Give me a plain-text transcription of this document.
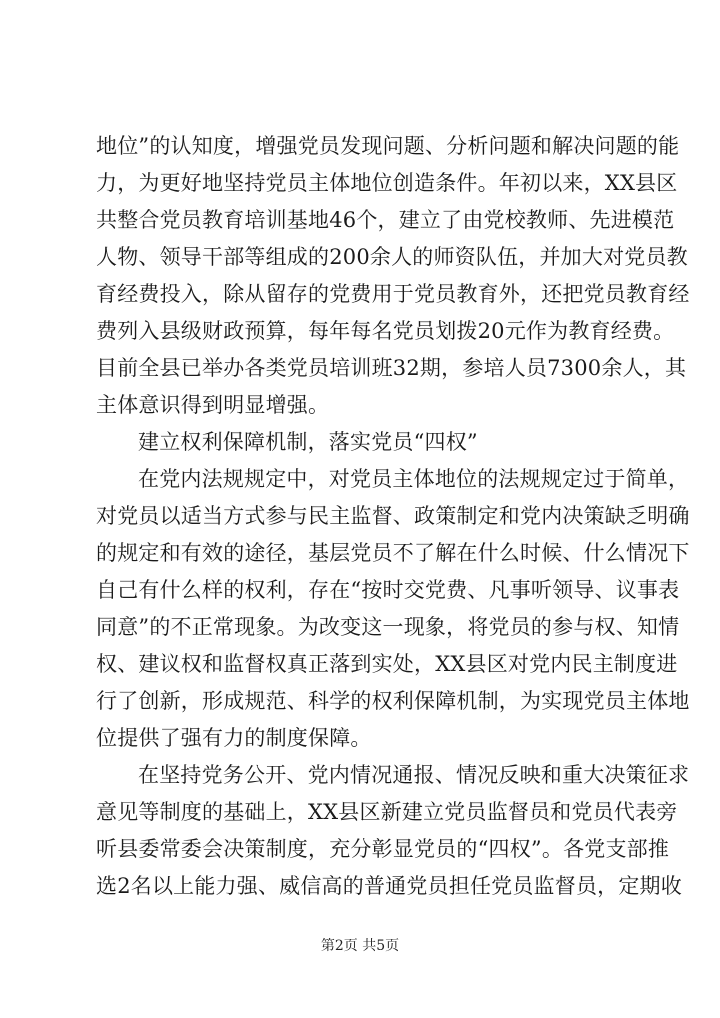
地位”的认知度，增强党员发现问题、分析问题和解决问题的能
力，为更好地坚持党员主体地位创造条件。年初以来，XX县区
共整合党员教育培训基地46个，建立了由党校教师、先进模范
人物、领导干部等组成的200余人的师资队伍，并加大对党员教
育经费投入，除从留存的党费用于党员教育外，还把党员教育经
费列入县级财政预算，每年每名党员划拨20元作为教育经费。
目前全县已举办各类党员培训班32期，参培人员7300余人，其
主体意识得到明显增强。
建立权利保障机制，落实党员“四权”
在党内法规规定中，对党员主体地位的法规规定过于简单，
对党员以适当方式参与民主监督、政策制定和党内决策缺乏明确
的规定和有效的途径，基层党员不了解在什么时候、什么情况下
自己有什么样的权利，存在“按时交党费、凡事听领导、议事表
同意”的不正常现象。为改变这一现象，将党员的参与权、知情
权、建议权和监督权真正落到实处，XX县区对党内民主制度进
行了创新，形成规范、科学的权利保障机制，为实现党员主体地
位提供了强有力的制度保障。
在坚持党务公开、党内情况通报、情况反映和重大决策征求
意见等制度的基础上，XX县区新建立党员监督员和党员代表旁
听县委常委会决策制度，充分彰显党员的“四权”。各党支部推
选2名以上能力强、威信高的普通党员担任党员监督员，定期收
第2页 共5页
